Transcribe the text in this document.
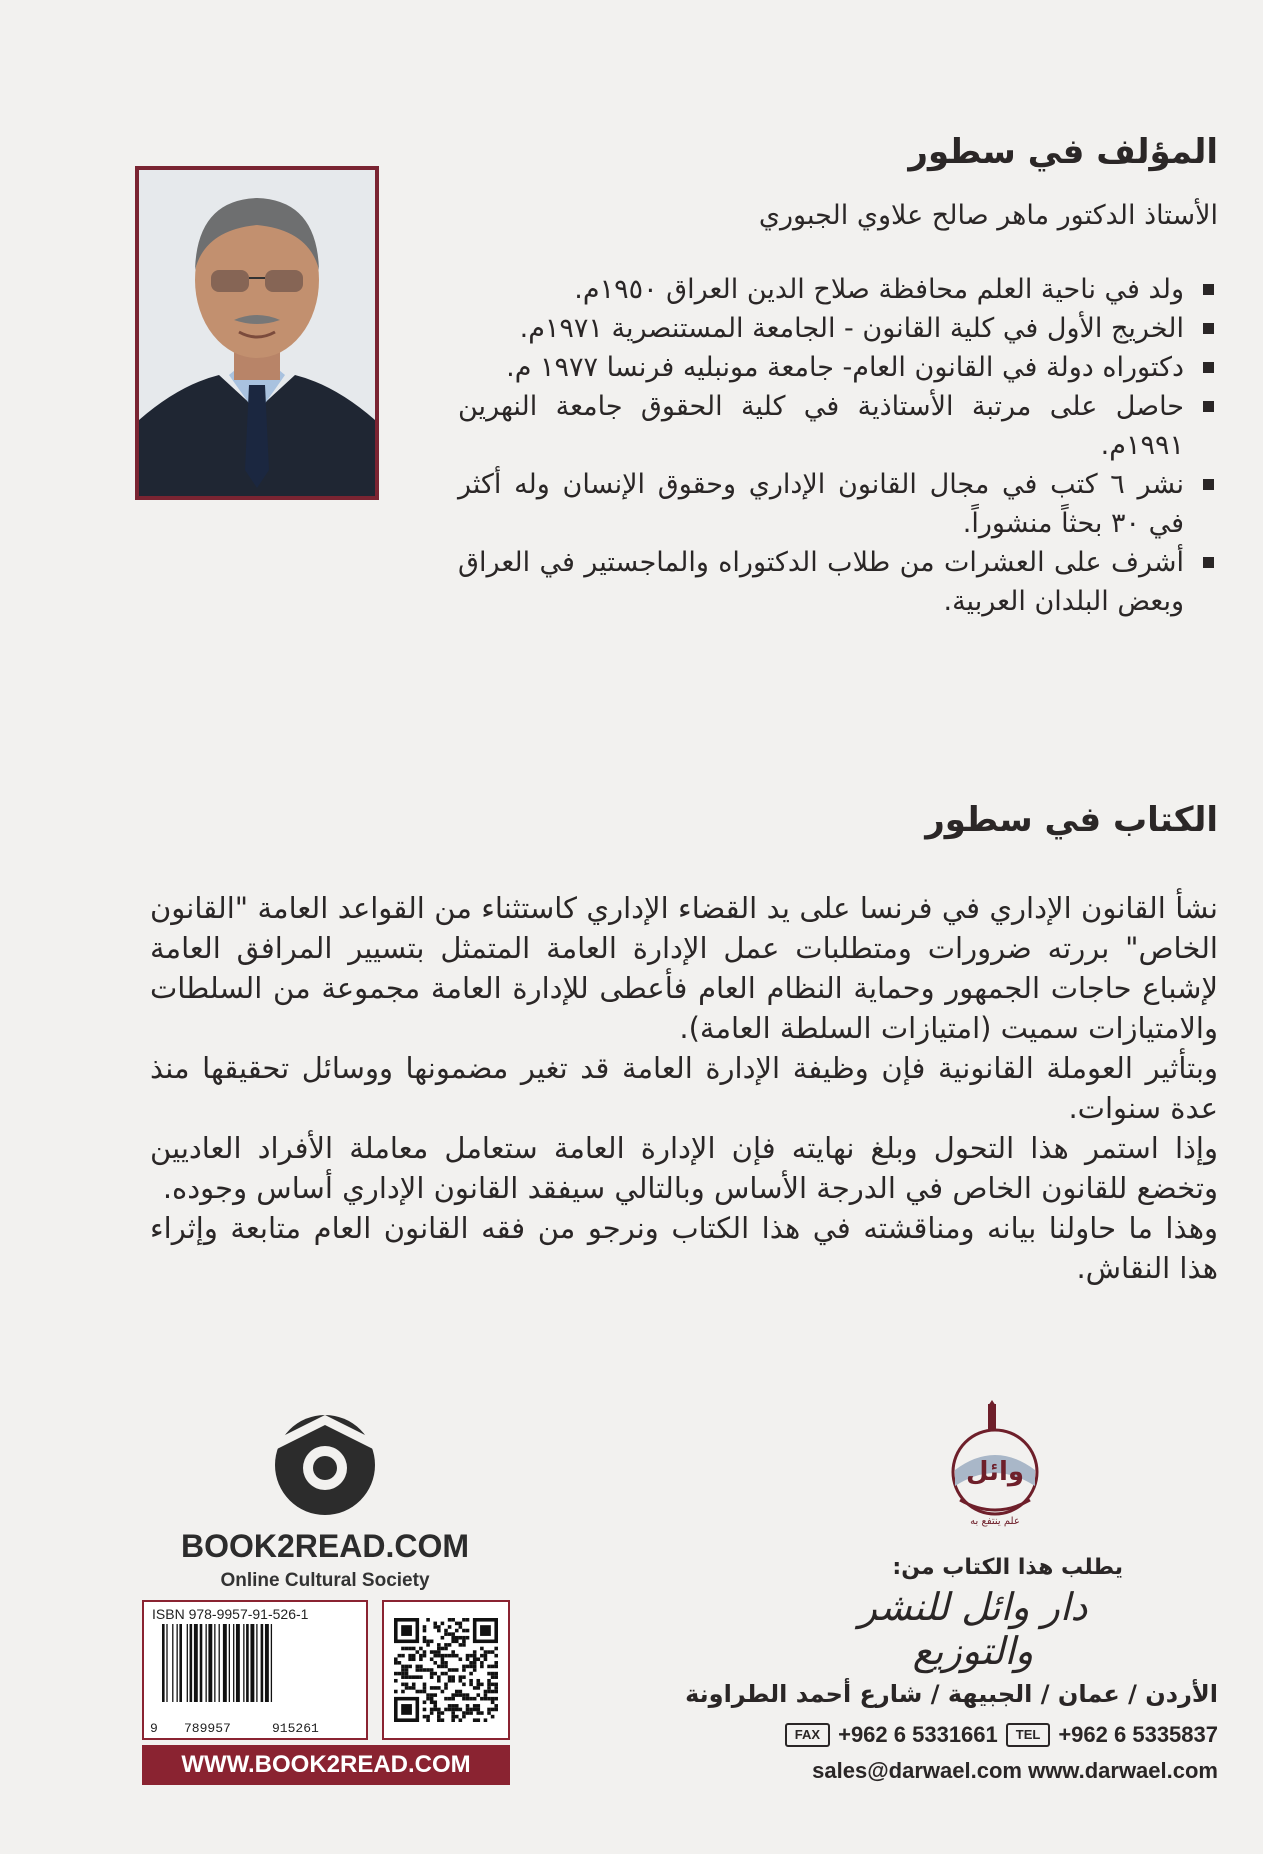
المؤلف في سطور
الأستاذ الدكتور ماهر صالح علاوي الجبوري
ولد في ناحية العلم محافظة صلاح الدين العراق ١٩٥٠م.
الخريج الأول في كلية القانون - الجامعة المستنصرية ١٩٧١م.
دكتوراه دولة في القانون العام- جامعة مونبليه فرنسا ١٩٧٧ م.
حاصل على مرتبة الأستاذية في كلية الحقوق جامعة النهرين ١٩٩١م.
نشر ٦ كتب في مجال القانون الإداري وحقوق الإنسان وله أكثر في ٣٠ بحثاً منشوراً.
أشرف على العشرات من طلاب الدكتوراه والماجستير في العراق وبعض البلدان العربية.
الكتاب في سطور

نشأ القانون الإداري في فرنسا على يد القضاء الإداري كاستثناء من القواعد العامة "القانون الخاص" بررته ضرورات ومتطلبات عمل الإدارة العامة المتمثل بتسيير المرافق العامة لإشباع حاجات الجمهور وحماية النظام العام فأعطى للإدارة العامة مجموعة من السلطات والامتيازات سميت (امتيازات السلطة العامة).

وبتأثير العوملة القانونية فإن وظيفة الإدارة العامة قد تغير مضمونها ووسائل تحقيقها منذ عدة سنوات.

وإذا استمر هذا التحول وبلغ نهايته فإن الإدارة العامة ستعامل معاملة الأفراد العاديين وتخضع للقانون الخاص في الدرجة الأساس وبالتالي سيفقد القانون الإداري أساس وجوده.

وهذا ما حاولنا بيانه ومناقشته في هذا الكتاب ونرجو من فقه القانون العام متابعة وإثراء هذا النقاش.

BOOK2READ.COM
Online Cultural Society
ISBN 978-9957-91-526-1
9 789957	915261
WWW.BOOK2READ.COM
وائل
علم ينتفع به
يطلب هذا الكتاب من:
دار وائل للنشر والتوزيع
الأردن / عمان / الجبيهة / شارع أحمد الطراونة
FAX +962 6 5331661	TEL +962 6 5335837
sales@darwael.com www.darwael.com
